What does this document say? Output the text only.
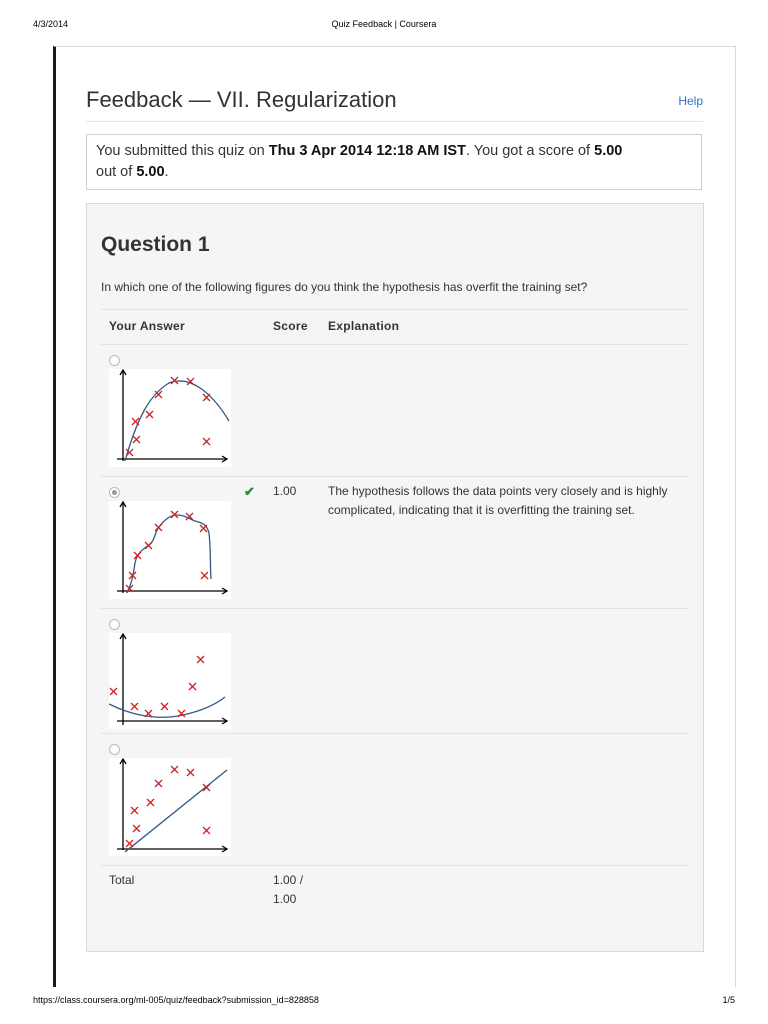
4/3/2014	Quiz Feedback | Coursera
Feedback — VII. Regularization	Help
You submitted this quiz on Thu 3 Apr 2014 12:18 AM IST. You got a score of 5.00
out of 5.00.
Question 1
In which one of the following figures do you think the hypothesis has overfit the training set?
Your Answer	Score Explanation
✔ 1.00	The hypothesis follows the data points very closely and is highly complicated, indicating that it is overfitting the training set.
Total	1.00 /
1.00
https://class.coursera.org/ml-005/quiz/feedback?submission_id=828858	1/5
